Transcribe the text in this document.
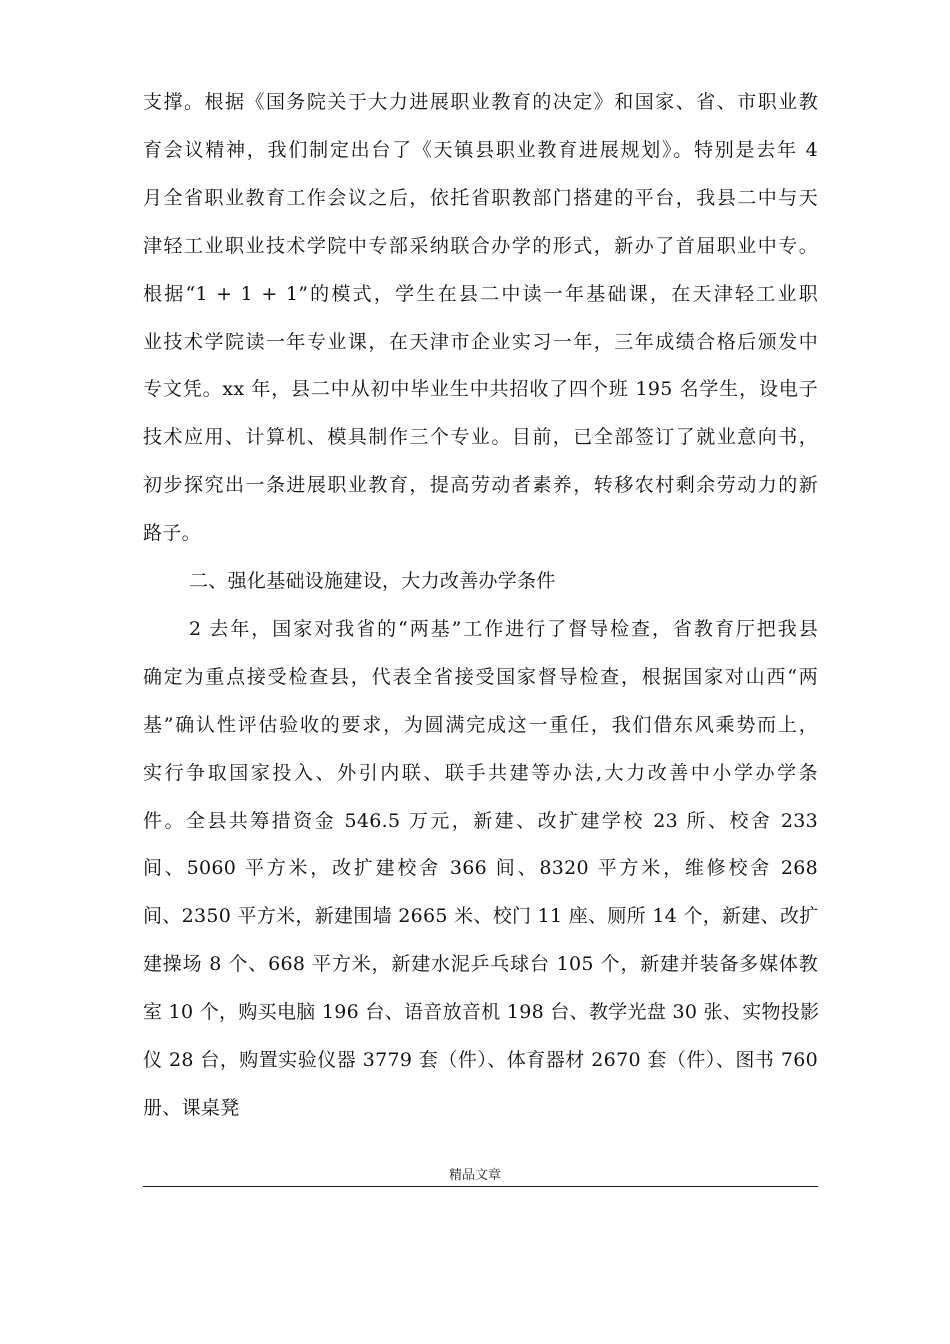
支撑。根据《国务院关于大力进展职业教育的决定》和国家、省、市职业教
育会议精神，我们制定出台了《天镇县职业教育进展规划》。特别是去年 4
月全省职业教育工作会议之后，依托省职教部门搭建的平台，我县二中与天
津轻工业职业技术学院中专部采纳联合办学的形式，新办了首届职业中专。
根据“1 + 1 + 1”的模式，学生在县二中读一年基础课，在天津轻工业职
业技术学院读一年专业课，在天津市企业实习一年，三年成绩合格后颁发中
专文凭。xx 年，县二中从初中毕业生中共招收了四个班 195 名学生，设电子
技术应用、计算机、模具制作三个专业。目前，已全部签订了就业意向书，
初步探究出一条进展职业教育，提高劳动者素养，转移农村剩余劳动力的新
路子。
二、强化基础设施建设，大力改善办学条件
2 去年，国家对我省的“两基”工作进行了督导检查，省教育厅把我县
确定为重点接受检查县，代表全省接受国家督导检查，根据国家对山西“两
基”确认性评估验收的要求，为圆满完成这一重任，我们借东风乘势而上，
实行争取国家投入、外引内联、联手共建等办法,大力改善中小学办学条
件。全县共筹措资金 546.5 万元，新建、改扩建学校 23 所、校舍 233
间、5060 平方米，改扩建校舍 366 间、8320 平方米，维修校舍 268
间、2350 平方米，新建围墙 2665 米、校门 11 座、厕所 14 个，新建、改扩
建操场 8 个、668 平方米，新建水泥乒乓球台 105 个，新建并装备多媒体教
室 10 个，购买电脑 196 台、语音放音机 198 台、教学光盘 30 张、实物投影
仪 28 台，购置实验仪器 3779 套（件）、体育器材 2670 套（件）、图书 760
册、课桌凳
精品文章
